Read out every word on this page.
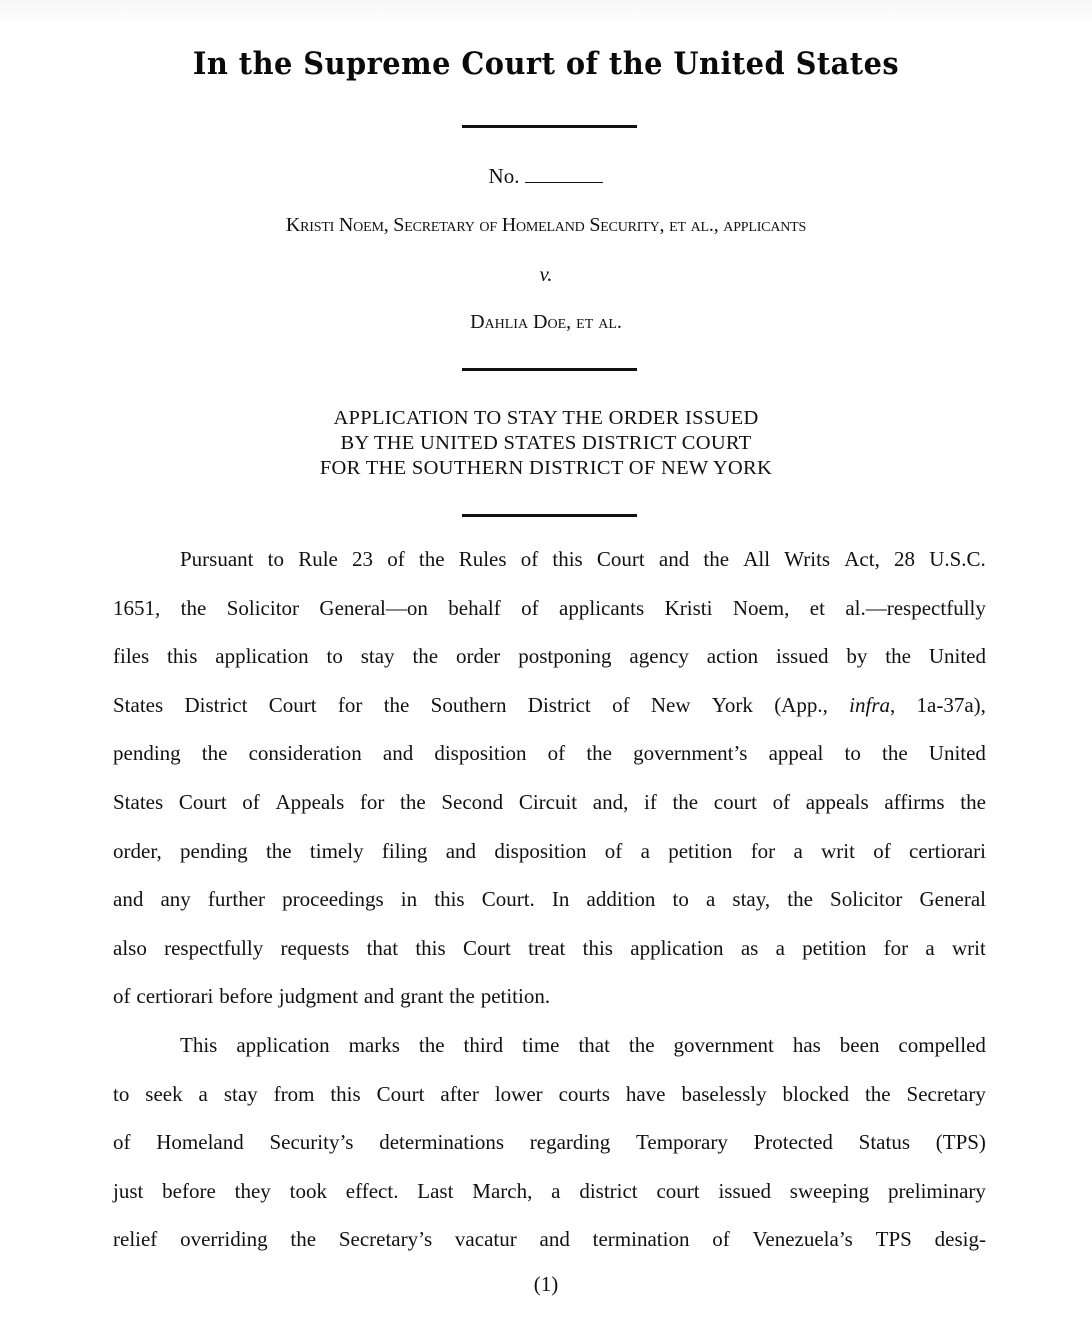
In the Supreme Court of the United States
No.
Kristi Noem, Secretary of Homeland Security, et al., applicants
v.
Dahlia Doe, et al.
APPLICATION TO STAY THE ORDER ISSUED
BY THE UNITED STATES DISTRICT COURT
FOR THE SOUTHERN DISTRICT OF NEW YORK
Pursuant to Rule 23 of the Rules of this Court and the All Writs Act, 28 U.S.C.
1651, the Solicitor General—on behalf of applicants Kristi Noem, et al.—respectfully
files this application to stay the order postponing agency action issued by the United
States District Court for the Southern District of New York (App., infra, 1a-37a),
pending the consideration and disposition of the government’s appeal to the United
States Court of Appeals for the Second Circuit and, if the court of appeals affirms the
order, pending the timely filing and disposition of a petition for a writ of certiorari
and any further proceedings in this Court. In addition to a stay, the Solicitor General
also respectfully requests that this Court treat this application as a petition for a writ
of certiorari before judgment and grant the petition.
This application marks the third time that the government has been compelled
to seek a stay from this Court after lower courts have baselessly blocked the Secretary
of Homeland Security’s determinations regarding Temporary Protected Status (TPS)
just before they took effect. Last March, a district court issued sweeping preliminary
relief overriding the Secretary’s vacatur and termination of Venezuela’s TPS desig-
(1)
